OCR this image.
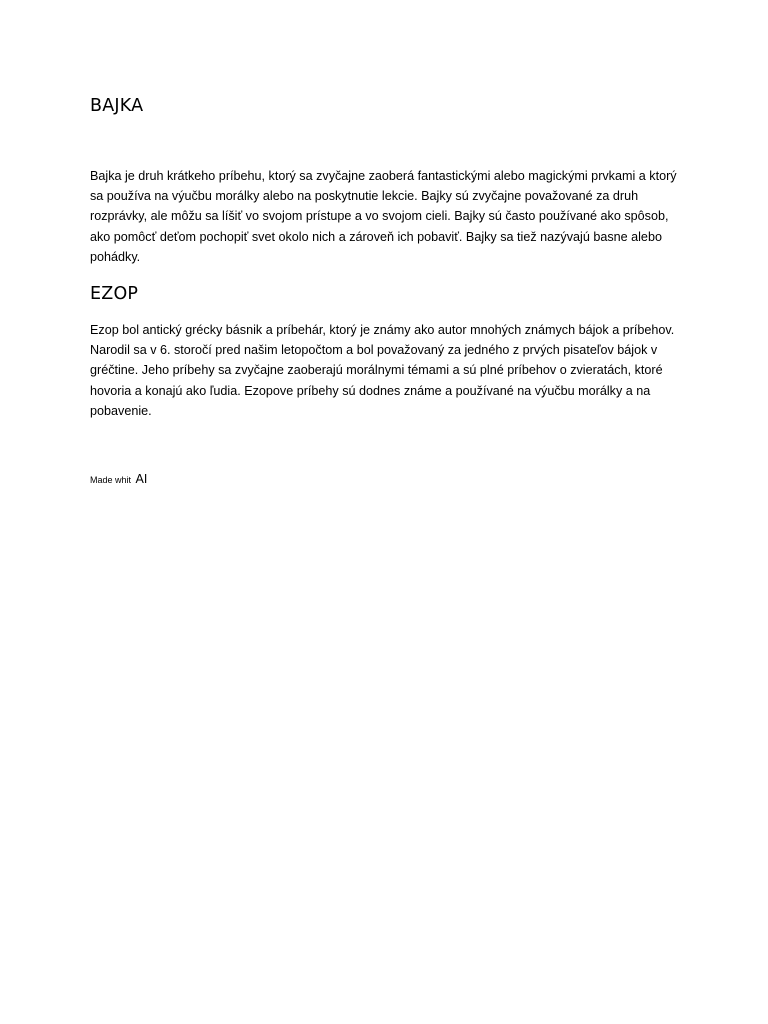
BAJKA

Bajka je druh krátkeho príbehu, ktorý sa zvyčajne zaoberá fantastickými alebo magickými prvkami a ktorý sa používa na výučbu morálky alebo na poskytnutie lekcie. Bajky sú zvyčajne považované za druh rozprávky, ale môžu sa líšiť vo svojom prístupe a vo svojom cieli. Bajky sú často používané ako spôsob, ako pomôcť deťom pochopiť svet okolo nich a zároveň ich pobaviť. Bajky sa tiež nazývajú basne alebo pohádky.

EZOP

Ezop bol antický grécky básnik a príbehár, ktorý je známy ako autor mnohých známych bájok a príbehov. Narodil sa v 6. storočí pred našim letopočtom a bol považovaný za jedného z prvých pisateľov bájok v gréčtine. Jeho príbehy sa zvyčajne zaoberajú morálnymi témami a sú plné príbehov o zvieratách, ktoré hovoria a konajú ako ľudia. Ezopove príbehy sú dodnes známe a používané na výučbu morálky a na pobavenie.

Made whit AI
